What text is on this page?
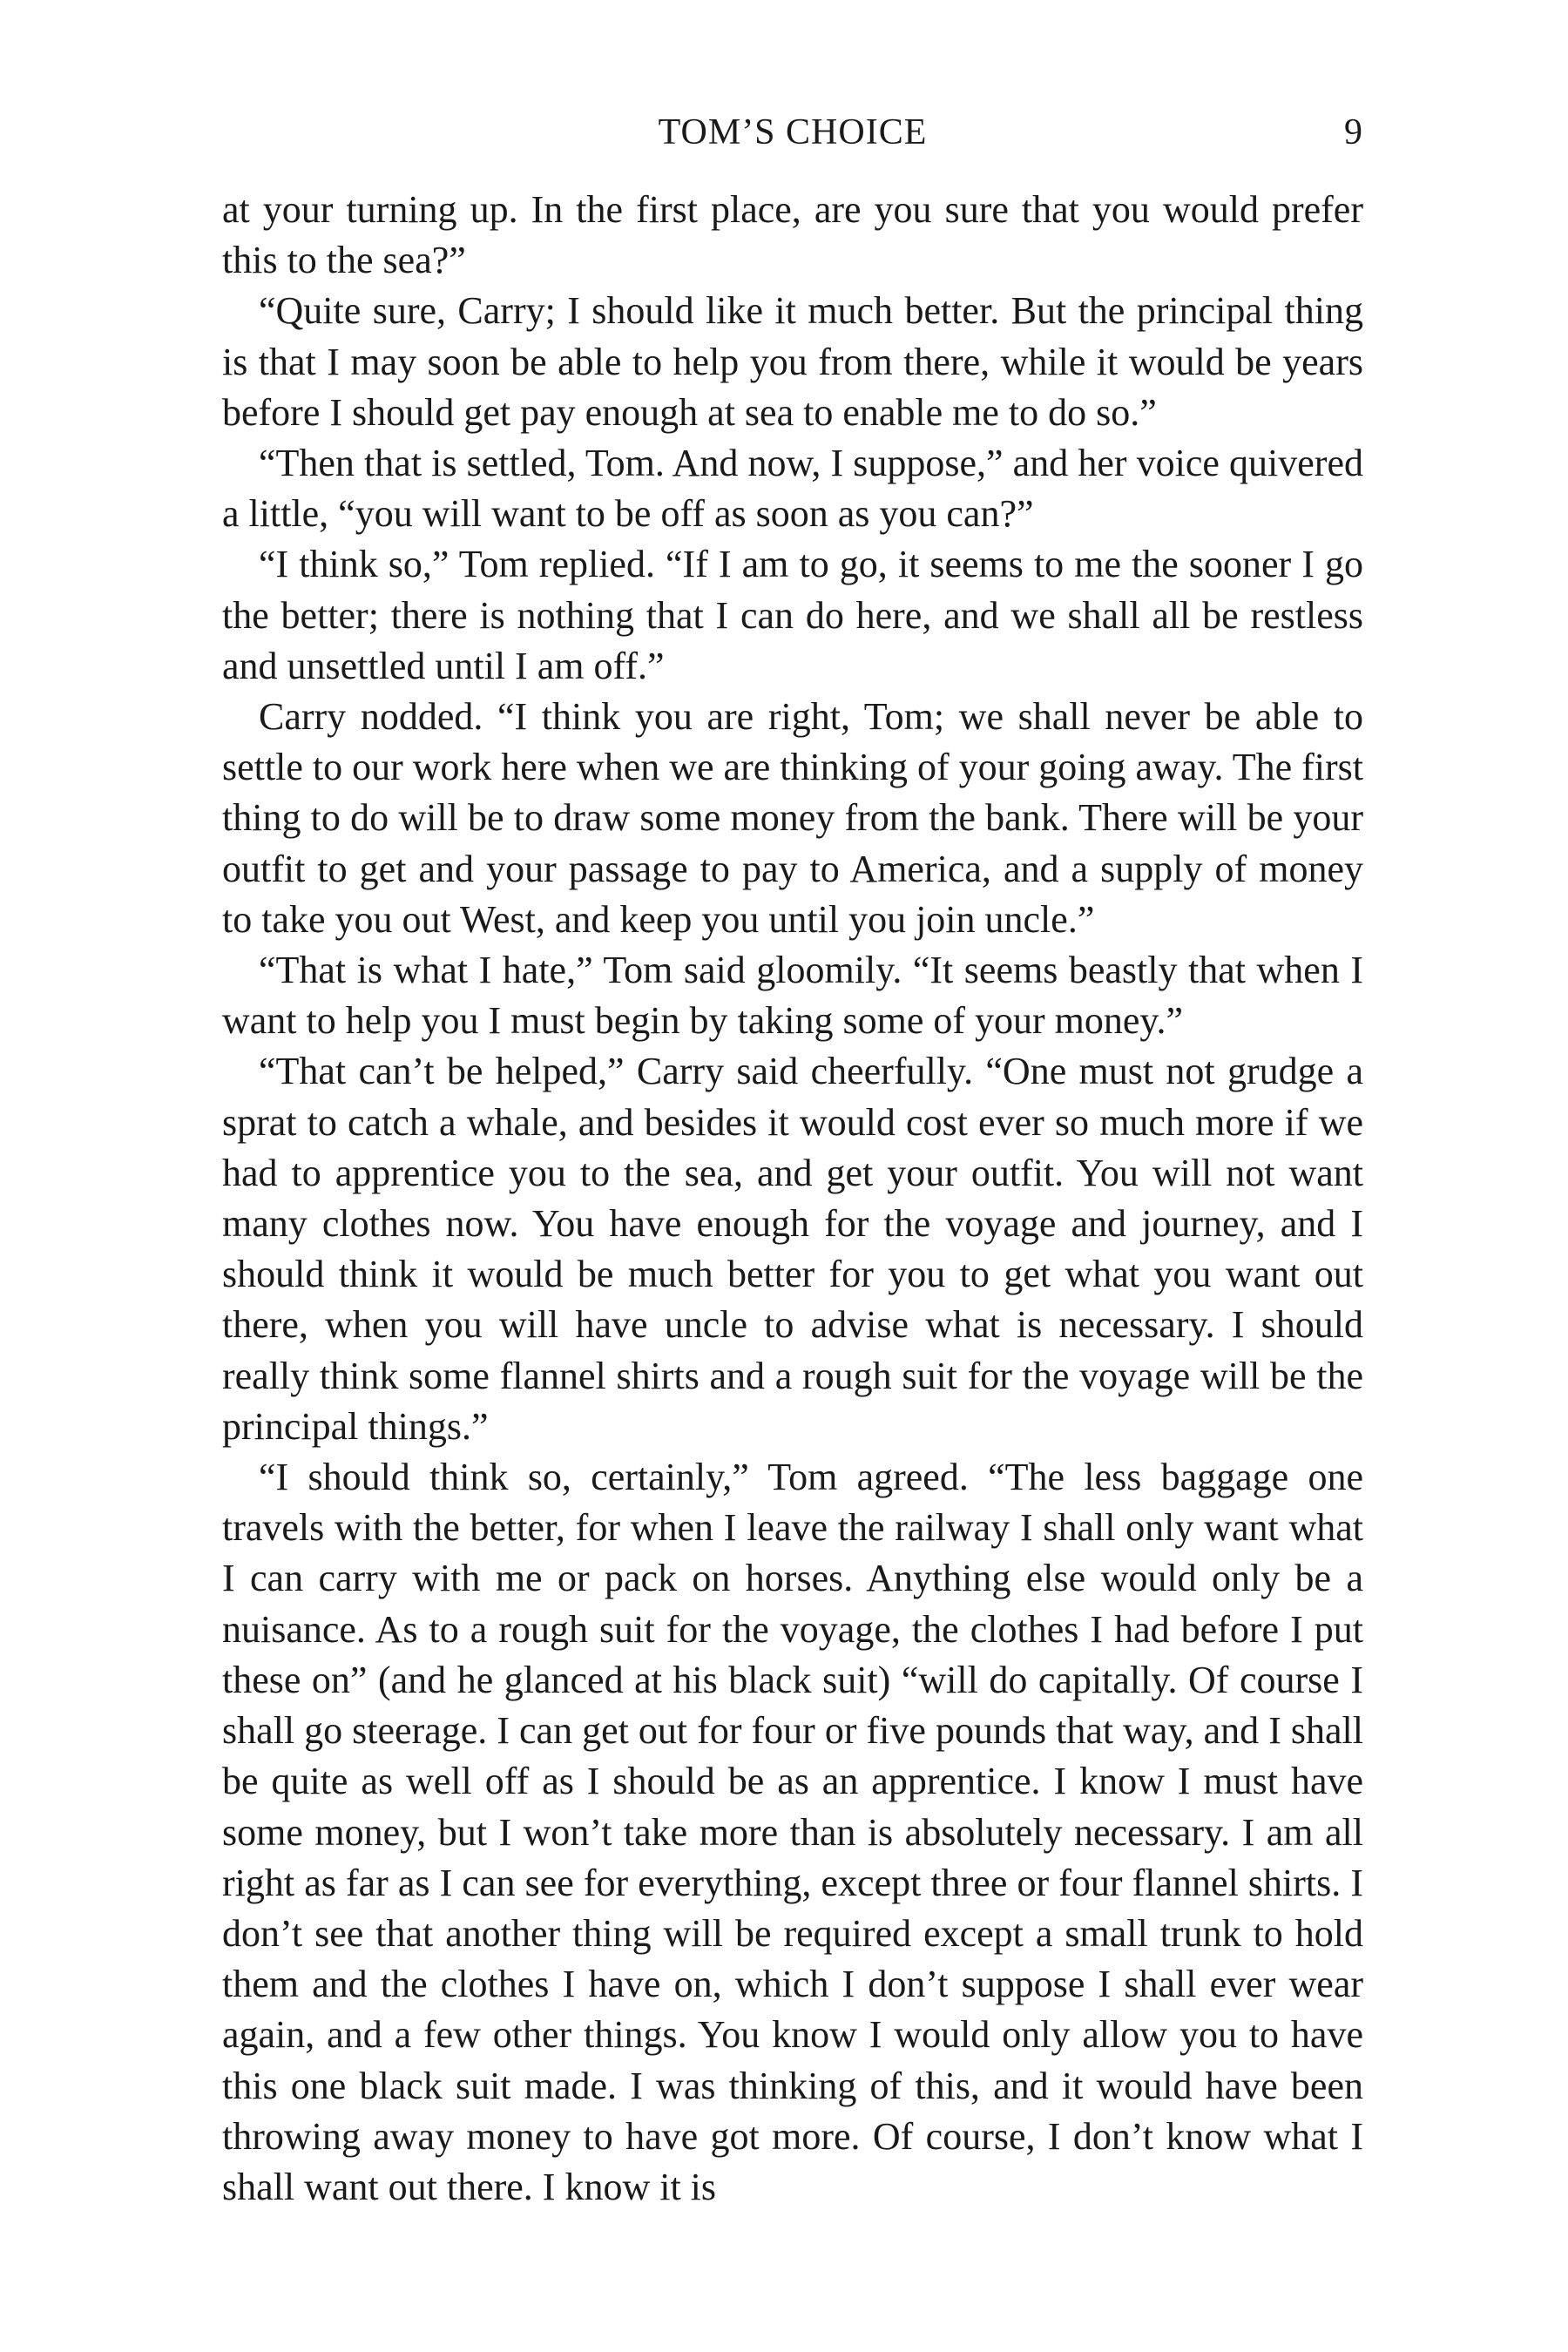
TOM’S CHOICE	9

at your turning up. In the first place, are you sure that you would prefer this to the sea?”

“Quite sure, Carry; I should like it much better. But the principal thing is that I may soon be able to help you from there, while it would be years before I should get pay enough at sea to enable me to do so.”

“Then that is settled, Tom. And now, I suppose,” and her voice quivered a little, “you will want to be off as soon as you can?”

“I think so,” Tom replied. “If I am to go, it seems to me the sooner I go the better; there is nothing that I can do here, and we shall all be restless and unsettled until I am off.”

Carry nodded. “I think you are right, Tom; we shall never be able to settle to our work here when we are thinking of your going away. The first thing to do will be to draw some money from the bank. There will be your outfit to get and your passage to pay to America, and a supply of money to take you out West, and keep you until you join uncle.”

“That is what I hate,” Tom said gloomily. “It seems beastly that when I want to help you I must begin by taking some of your money.”

“That can’t be helped,” Carry said cheerfully. “One must not grudge a sprat to catch a whale, and besides it would cost ever so much more if we had to apprentice you to the sea, and get your outfit. You will not want many clothes now. You have enough for the voyage and journey, and I should think it would be much better for you to get what you want out there, when you will have uncle to advise what is necessary. I should really think some flannel shirts and a rough suit for the voyage will be the principal things.”

“I should think so, certainly,” Tom agreed. “The less baggage one travels with the better, for when I leave the railway I shall only want what I can carry with me or pack on horses. Anything else would only be a nuisance. As to a rough suit for the voyage, the clothes I had before I put these on” (and he glanced at his black suit) “will do capitally. Of course I shall go steerage. I can get out for four or five pounds that way, and I shall be quite as well off as I should be as an apprentice. I know I must have some money, but I won’t take more than is absolutely necessary. I am all right as far as I can see for everything, except three or four flannel shirts. I don’t see that another thing will be required except a small trunk to hold them and the clothes I have on, which I don’t suppose I shall ever wear again, and a few other things. You know I would only allow you to have this one black suit made. I was thinking of this, and it would have been throwing away money to have got more. Of course, I don’t know what I shall want out there. I know it is
